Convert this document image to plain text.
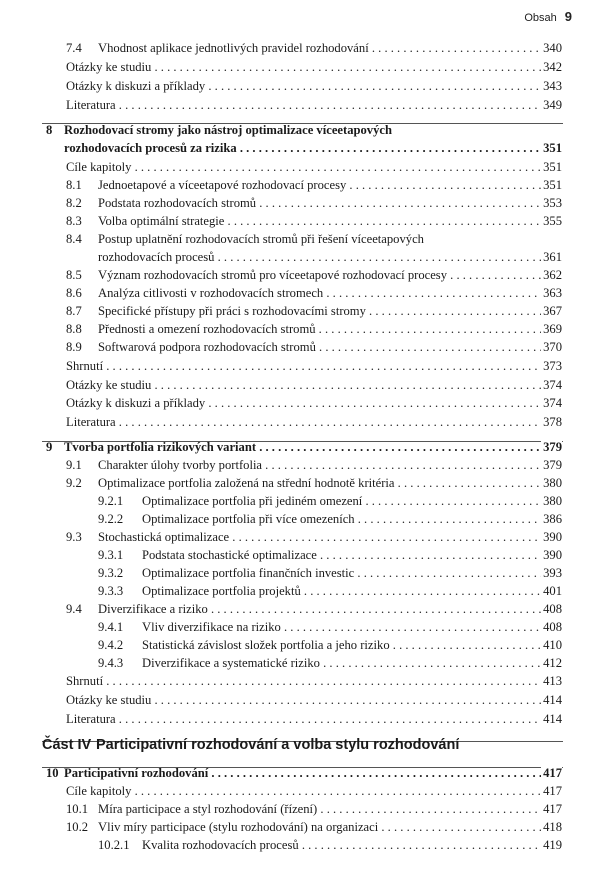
Obsah 9
7.4 Vhodnost aplikace jednotlivých pravidel rozhodování . . .	340
Otázky ke studiu . . .	342
Otázky k diskuzi a příklady . . .	343
Literatura . . .	349
8 Rozhodovací stromy jako nástroj optimalizace víceetapových
rozhodovacích procesů za rizika . . .	351
Cíle kapitoly . . .	351
8.1 Jednoetapové a víceetapové rozhodovací procesy . . .	351
8.2 Podstata rozhodovacích stromů . . .	353
8.3 Volba optimální strategie . . .	355
8.4 Postup uplatnění rozhodovacích stromů při řešení víceetapových
rozhodovacích procesů . . .	361
8.5 Význam rozhodovacích stromů pro víceetapové rozhodovací procesy . . .	362
8.6 Analýza citlivosti v rozhodovacích stromech . . .	363
8.7 Specifické přístupy při práci s rozhodovacími stromy . . .	367
8.8 Přednosti a omezení rozhodovacích stromů . . .	369
8.9 Softwarová podpora rozhodovacích stromů . . .	370
Shrnutí . . .	373
Otázky ke studiu . . .	374
Otázky k diskuzi a příklady . . .	374
Literatura . . .	378
9 Tvorba portfolia rizikových variant . . .	379
9.1 Charakter úlohy tvorby portfolia . . .	379
9.2 Optimalizace portfolia založená na střední hodnotě kritéria . . .	380
9.2.1 Optimalizace portfolia při jediném omezení . . .	380
9.2.2 Optimalizace portfolia při více omezeních . . .	386
9.3 Stochastická optimalizace . . .	390
9.3.1 Podstata stochastické optimalizace . . .	390
9.3.2 Optimalizace portfolia finančních investic . . .	393
9.3.3 Optimalizace portfolia projektů . . .	401
9.4 Diverzifikace a riziko . . .	408
9.4.1 Vliv diverzifikace na riziko . . .	408
9.4.2 Statistická závislost složek portfolia a jeho riziko . . .	410
9.4.3 Diverzifikace a systematické riziko . . .	412
Shrnutí . . .	413
Otázky ke studiu . . .	414
Literatura . . .	414
Část IV Participativní rozhodování a volba stylu rozhodování
10 Participativní rozhodování . . .	417
Cíle kapitoly . . .	417
10.1 Míra participace a styl rozhodování (řízení) . . .	417
10.2 Vliv míry participace (stylu rozhodování) na organizaci . . .	418
10.2.1 Kvalita rozhodovacích procesů . . .	419
